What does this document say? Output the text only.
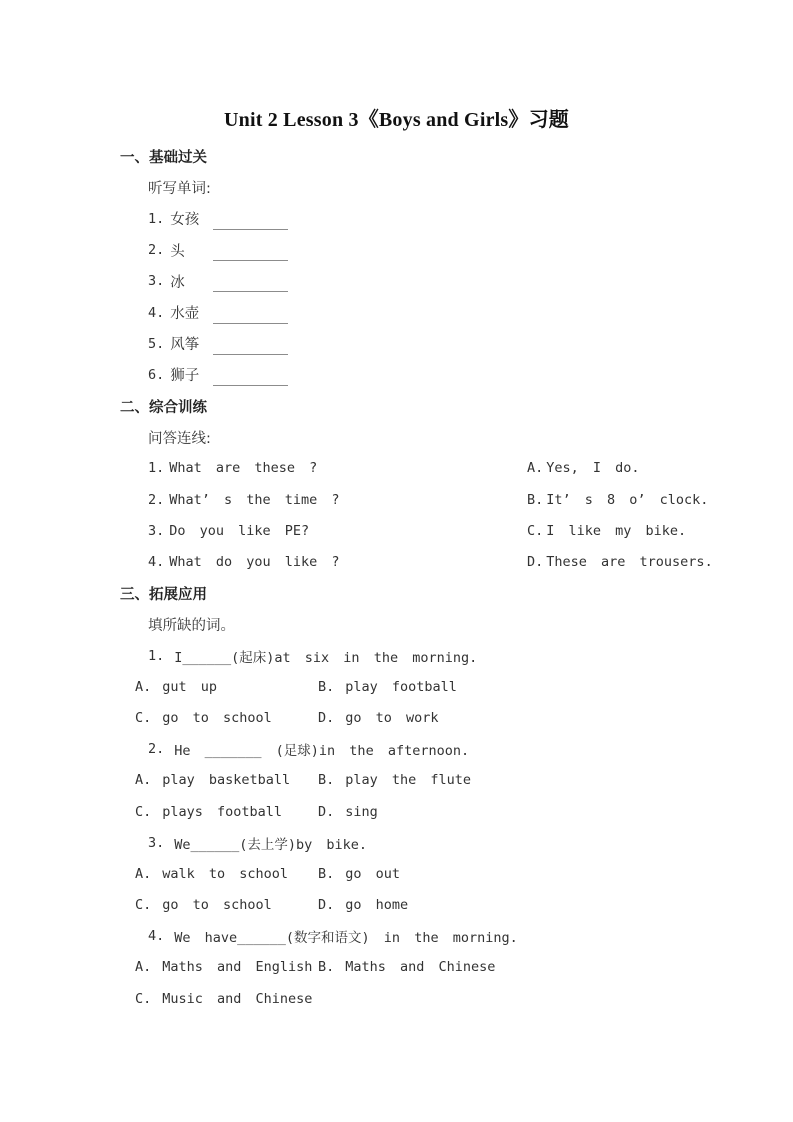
Unit 2 Lesson 3《Boys and Girls》习题
一、基础过关
听写单词:
1. 女孩
2. 头
3. 冰
4. 水壶
5. 风筝
6. 狮子
二、综合训练
问答连线:
1. What are these ?	A. Yes, I do.
2. What’ s the time ?	B. It’ s 8 o’ clock.
3. Do you like PE?	C. I like my bike.
4. What do you like ?	D. These are trousers.
三、拓展应用
填所缺的词。
1. I______(起床)at six in the morning.
A. gut up	B. play football
C. go to school	D. go to work
2. He _______ (足球)in the afternoon.
A. play basketball B. play the flute
C. plays football	D. sing
3. We______(去上学)by bike.
A. walk to school B. go out
C. go to school	D. go home
4. We have______(数字和语文) in the morning.
A. Maths and English B. Maths and Chinese
C. Music and Chinese
